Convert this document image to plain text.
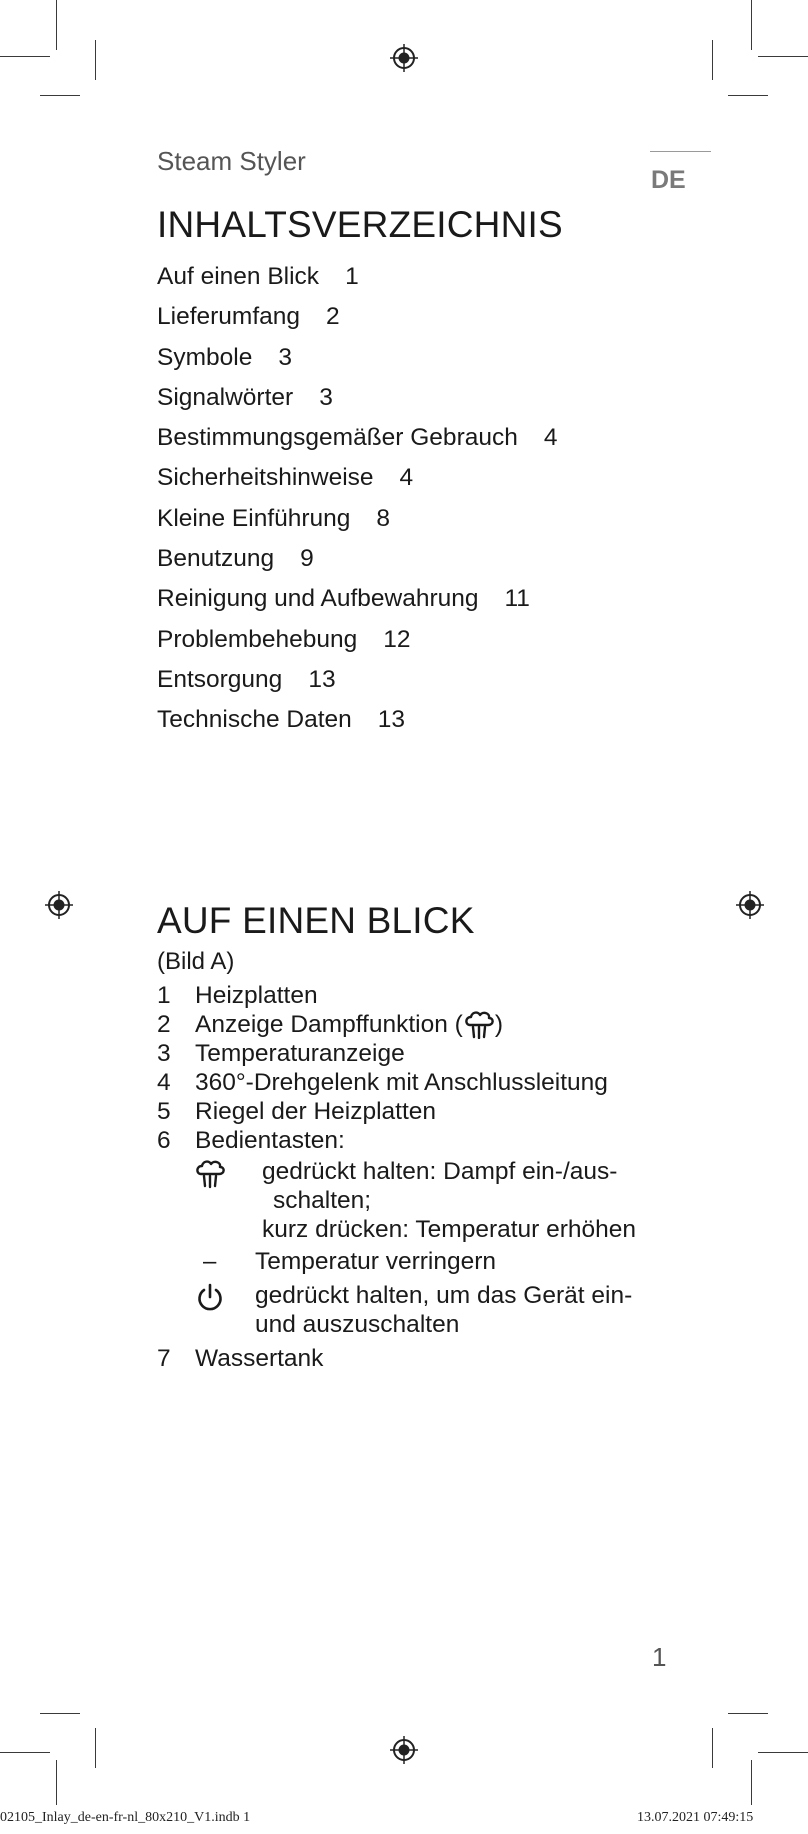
Steam Styler
DE
INHALTSVERZEICHNIS
Auf einen Blick 1
Lieferumfang 2
Symbole 3
Signalwörter 3
Bestimmungsgemäßer Gebrauch 4
Sicherheitshinweise 4
Kleine Einführung 8
Benutzung 9
Reinigung und Aufbewahrung 11
Problembehebung 12
Entsorgung 13
Technische Daten 13
AUF EINEN BLICK
(Bild A)
1 Heizplatten
2 Anzeige Dampffunktion ( )
3 Temperaturanzeige
4 360°-Drehgelenk mit Anschlussleitung
5 Riegel der Heizplatten
6 Bedientasten:
gedrückt halten: Dampf ein-/aus-
schalten;
kurz drücken: Temperatur erhöhen
– Temperatur verringern
gedrückt halten, um das Gerät ein-
und auszuschalten
7 Wassertank
1
02105_Inlay_de-en-fr-nl_80x210_V1.indb 1	13.07.2021 07:49:15
